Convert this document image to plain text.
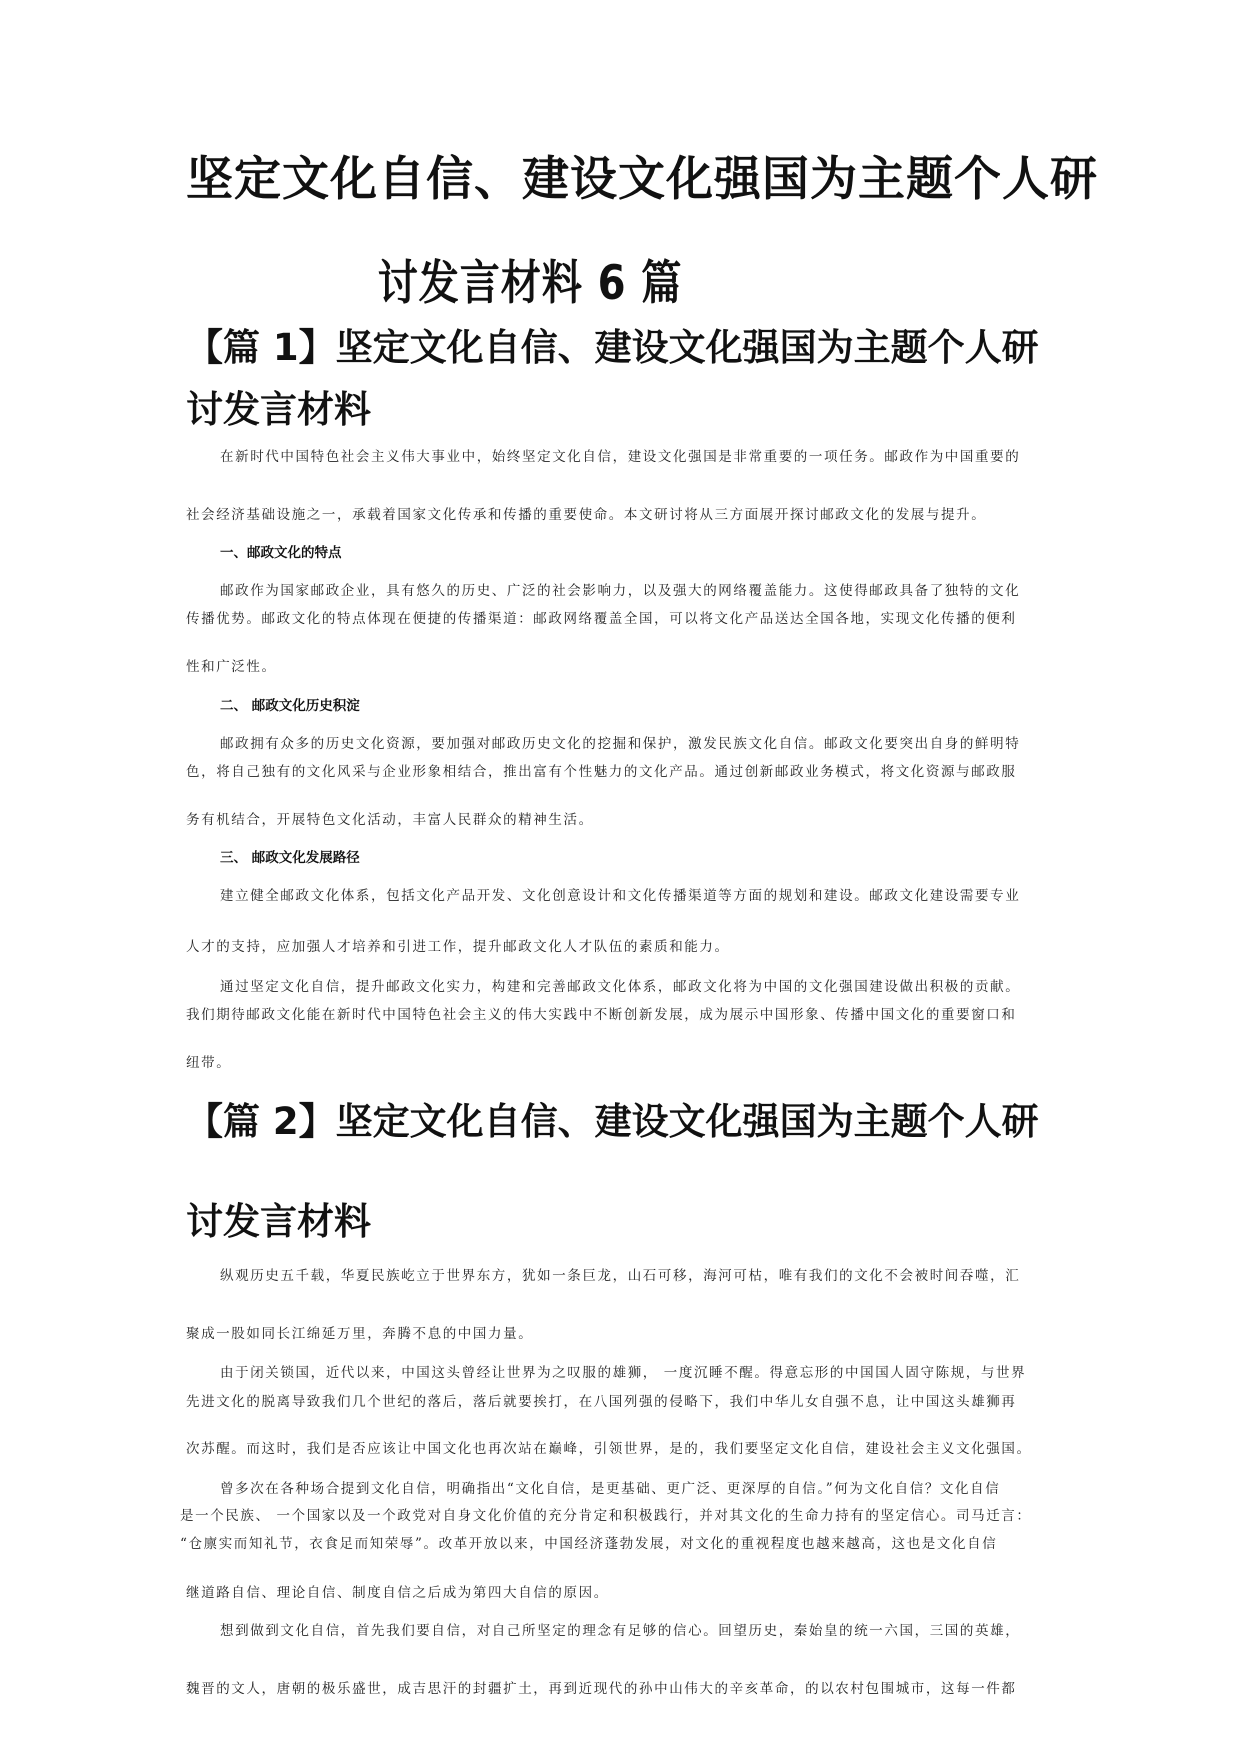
坚定文化自信、建设文化强国为主题个人研
讨发言材料 6 篇
【篇 1】坚定文化自信、建设文化强国为主题个人研
讨发言材料
在新时代中国特色社会主义伟大事业中，始终坚定文化自信，建设文化强国是非常重要的一项任务。邮政作为中国重要的
社会经济基础设施之一，承载着国家文化传承和传播的重要使命。本文研讨将从三方面展开探讨邮政文化的发展与提升。
一、邮政文化的特点
邮政作为国家邮政企业，具有悠久的历史、广泛的社会影响力，以及强大的网络覆盖能力。这使得邮政具备了独特的文化
传播优势。邮政文化的特点体现在便捷的传播渠道：邮政网络覆盖全国，可以将文化产品送达全国各地，实现文化传播的便利
性和广泛性。
二、 邮政文化历史积淀
邮政拥有众多的历史文化资源，要加强对邮政历史文化的挖掘和保护，激发民族文化自信。邮政文化要突出自身的鲜明特
色，将自己独有的文化风采与企业形象相结合，推出富有个性魅力的文化产品。通过创新邮政业务模式，将文化资源与邮政服
务有机结合，开展特色文化活动，丰富人民群众的精神生活。
三、 邮政文化发展路径
建立健全邮政文化体系，包括文化产品开发、文化创意设计和文化传播渠道等方面的规划和建设。邮政文化建设需要专业
人才的支持，应加强人才培养和引进工作，提升邮政文化人才队伍的素质和能力。
通过坚定文化自信，提升邮政文化实力，构建和完善邮政文化体系，邮政文化将为中国的文化强国建设做出积极的贡献。
我们期待邮政文化能在新时代中国特色社会主义的伟大实践中不断创新发展，成为展示中国形象、传播中国文化的重要窗口和
纽带。
【篇 2】坚定文化自信、建设文化强国为主题个人研
讨发言材料
纵观历史五千载，华夏民族屹立于世界东方，犹如一条巨龙，山石可移，海河可枯，唯有我们的文化不会被时间吞噬，汇
聚成一股如同长江绵延万里，奔腾不息的中国力量。
由于闭关锁国，近代以来，中国这头曾经让世界为之叹服的雄狮， 一度沉睡不醒。得意忘形的中国国人固守陈规，与世界
先进文化的脱离导致我们几个世纪的落后，落后就要挨打，在八国列强的侵略下，我们中华儿女自强不息，让中国这头雄狮再
次苏醒。而这时，我们是否应该让中国文化也再次站在巅峰，引领世界，是的，我们要坚定文化自信，建设社会主义文化强国。
曾多次在各种场合提到文化自信，明确指出“文化自信，是更基础、更广泛、更深厚的自信。”何为文化自信？文化自信
是一个民族、 一个国家以及一个政党对自身文化价值的充分肯定和积极践行，并对其文化的生命力持有的坚定信心。司马迁言：
“仓廪实而知礼节，衣食足而知荣辱”。改革开放以来，中国经济蓬勃发展，对文化的重视程度也越来越高，这也是文化自信
继道路自信、理论自信、制度自信之后成为第四大自信的原因。
想到做到文化自信，首先我们要自信，对自己所坚定的理念有足够的信心。回望历史，秦始皇的统一六国，三国的英雄，
魏晋的文人，唐朝的极乐盛世，成吉思汗的封疆扩土，再到近现代的孙中山伟大的辛亥革命，的以农村包围城市，这每一件都
